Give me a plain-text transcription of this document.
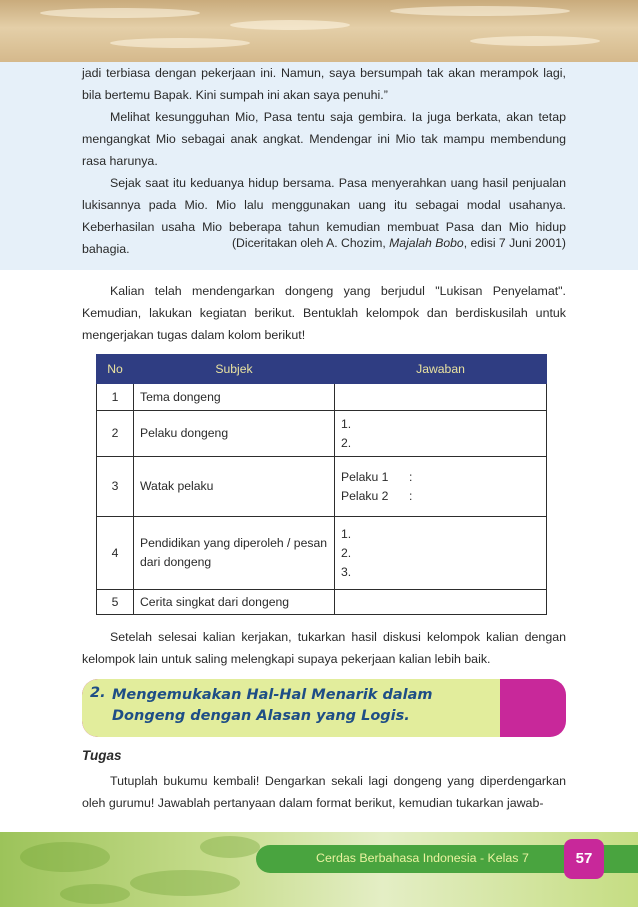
jadi terbiasa dengan pekerjaan ini. Namun, saya bersumpah tak akan merampok lagi, bila bertemu Bapak. Kini sumpah ini akan saya penuhi.”

Melihat kesungguhan Mio, Pasa tentu saja gembira. Ia juga berkata, akan tetap mengangkat Mio sebagai anak angkat. Mendengar ini Mio tak mampu membendung rasa harunya.

Sejak saat itu keduanya hidup bersama. Pasa menyerahkan uang hasil penjualan lukisannya pada Mio. Mio lalu menggunakan uang itu sebagai modal usahanya. Keberhasilan usaha Mio beberapa tahun kemudian membuat Pasa dan Mio hidup bahagia.	(Diceritakan oleh A. Chozim, Majalah Bobo, edisi 7 Juni 2001)

Kalian telah mendengarkan dongeng yang berjudul "Lukisan Penyelamat". Kemudian, lakukan kegiatan berikut. Bentuklah kelompok dan berdiskusilah untuk mengerjakan tugas dalam kolom berikut!

No	Subjek	Jawaban
1	Tema dongeng	
2	Pelaku dongeng	1.
2.

3	Watak pelaku	Pelaku 1 :
Pelaku 2 :

4	Pendidikan yang diperoleh / pesan dari dongeng	1.
2.
3.

5	Cerita singkat dari dongeng	

Setelah selesai kalian kerjakan, tukarkan hasil diskusi kelompok kalian dengan kelompok lain untuk saling melengkapi supaya pekerjaan kalian lebih baik.

2. Mengemukakan Hal-Hal Menarik dalam Dongeng dengan Alasan yang Logis.
Tugas

Tutuplah bukumu kembali! Dengarkan sekali lagi dongeng yang diperdengarkan oleh gurumu! Jawablah pertanyaan dalam format berikut, kemudian tukarkan jawab-

Cerdas Berbahasa Indonesia - Kelas 7	57
